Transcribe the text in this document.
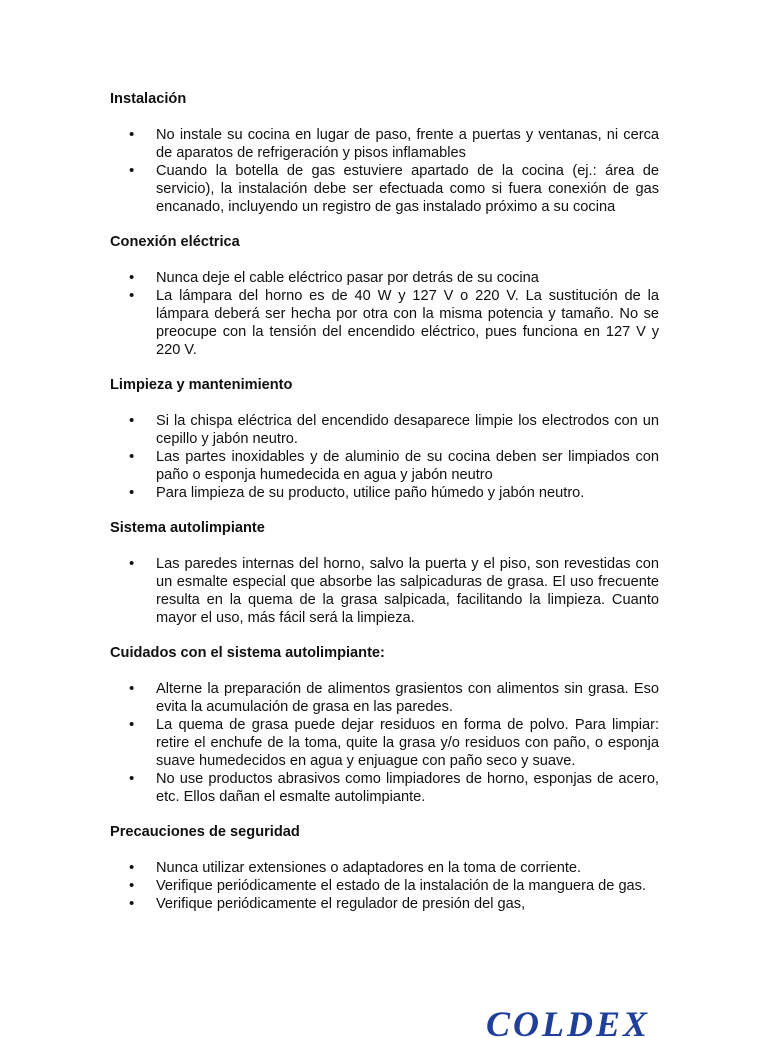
Instalación
• No instale su cocina en lugar de paso, frente a puertas y ventanas, ni cerca de aparatos de refrigeración y pisos inflamables
• Cuando la botella de gas estuviere apartado de la cocina (ej.: área de servicio), la instalación debe ser efectuada como si fuera conexión de gas encanado, incluyendo un registro de gas instalado próximo a su cocina
Conexión eléctrica
• Nunca deje el cable eléctrico pasar por detrás de su cocina
• La lámpara del horno es de 40 W y 127 V o 220 V. La sustitución de la lámpara deberá ser hecha por otra con la misma potencia y tamaño. No se preocupe con la tensión del encendido eléctrico, pues funciona en 127 V y 220 V.
Limpieza y mantenimiento
• Si la chispa eléctrica del encendido desaparece limpie los electrodos con un cepillo y jabón neutro.
• Las partes inoxidables y de aluminio de su cocina deben ser limpiados con paño o esponja humedecida en agua y jabón neutro
• Para limpieza de su producto, utilice paño húmedo y jabón neutro.
Sistema autolimpiante
• Las paredes internas del horno, salvo la puerta y el piso, son revestidas con un esmalte especial que absorbe las salpicaduras de grasa. El uso frecuente resulta en la quema de la grasa salpicada, facilitando la limpieza. Cuanto mayor el uso, más fácil será la limpieza.
Cuidados con el sistema autolimpiante:
• Alterne la preparación de alimentos grasientos con alimentos sin grasa. Eso evita la acumulación de grasa en las paredes.
• La quema de grasa puede dejar residuos en forma de polvo. Para limpiar: retire el enchufe de la toma, quite la grasa y/o residuos con paño, o esponja suave humedecidos en agua y enjuague con paño seco y suave.
• No use productos abrasivos como limpiadores de horno, esponjas de acero, etc. Ellos dañan el esmalte autolimpiante.
Precauciones de seguridad
• Nunca utilizar extensiones o adaptadores en la toma de corriente.
• Verifique periódicamente el estado de la instalación de la manguera de gas.
• Verifique periódicamente el regulador de presión del gas,
COLDEX
